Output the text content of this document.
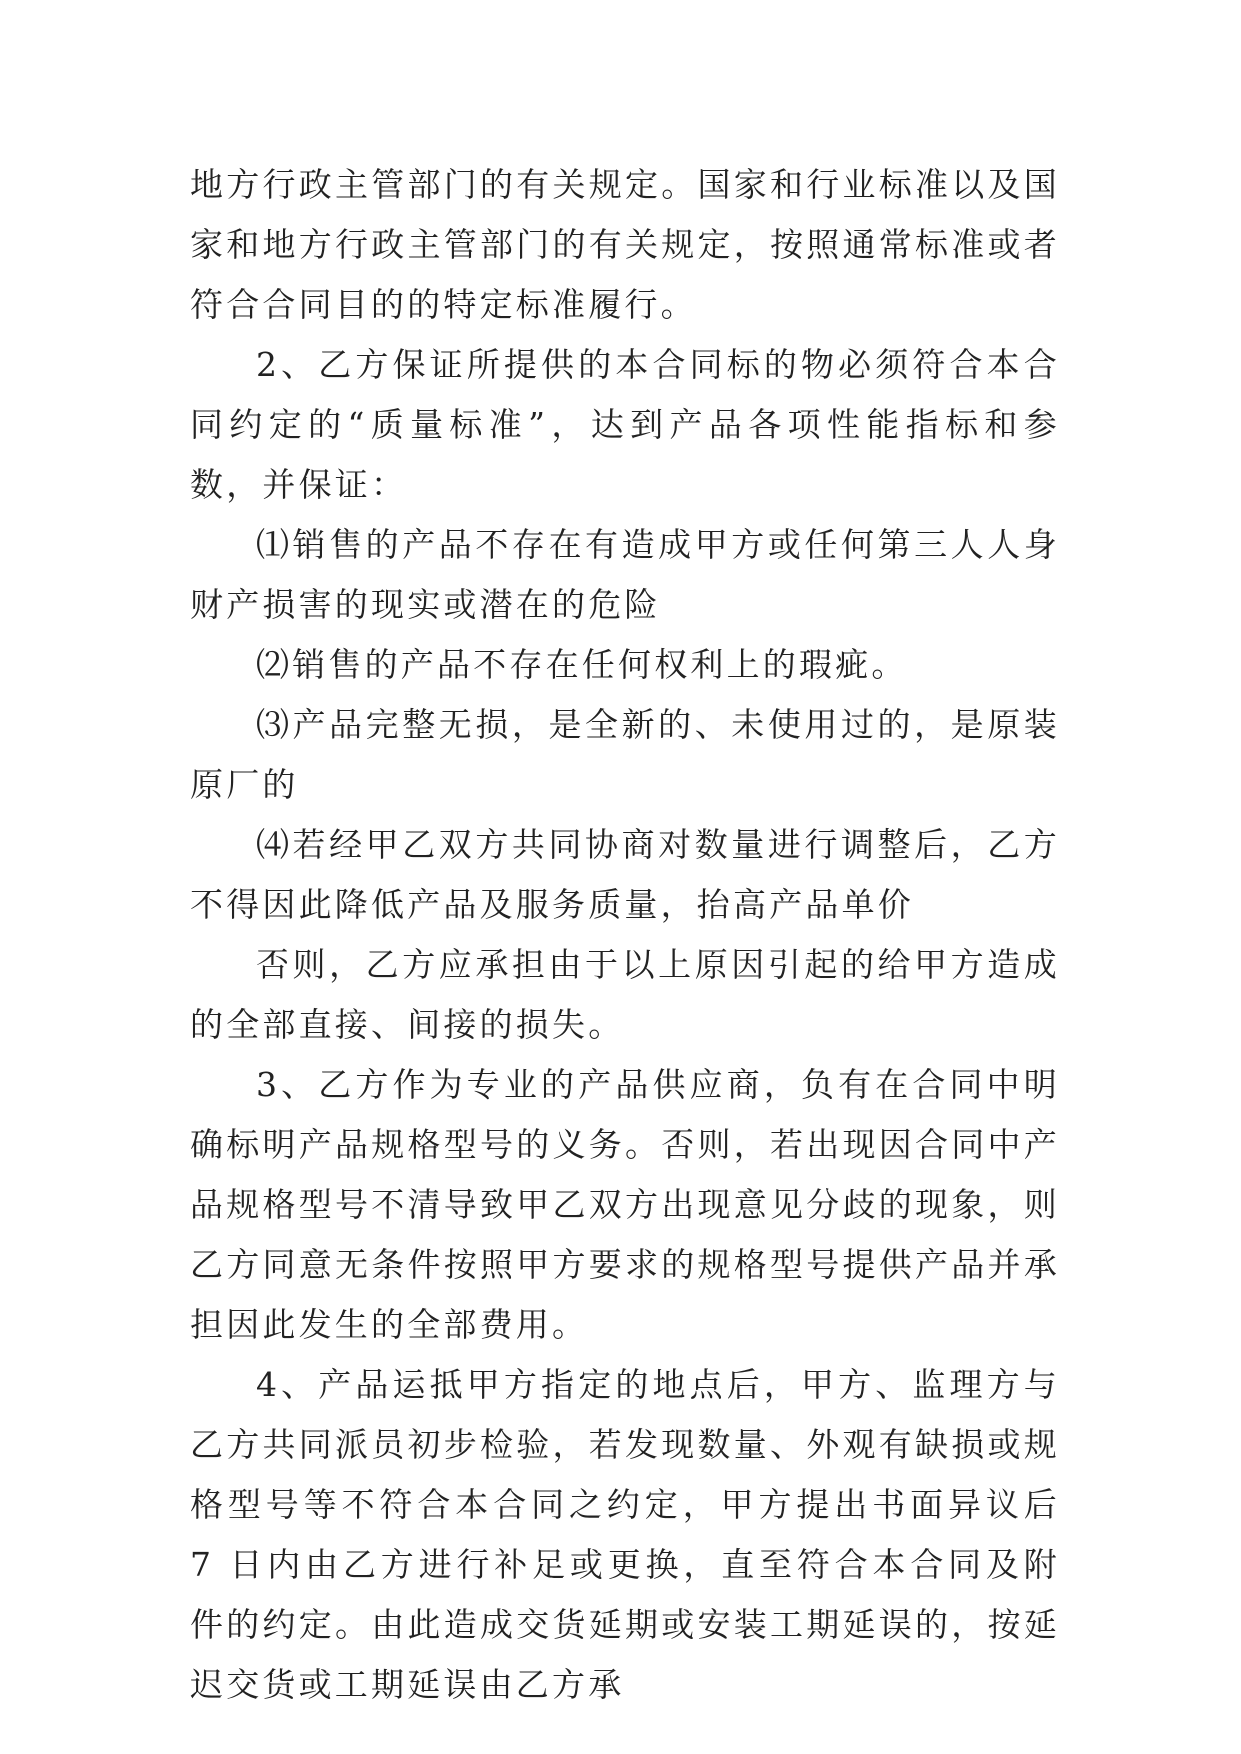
地方行政主管部门的有关规定。国家和行业标准以及国家和地方行政主管部门的有关规定，按照通常标准或者符合合同目的的特定标准履行。

2、乙方保证所提供的本合同标的物必须符合本合同约定的“质量标准”，达到产品各项性能指标和参数，并保证：

⑴销售的产品不存在有造成甲方或任何第三人人身财产损害的现实或潜在的危险

⑵销售的产品不存在任何权利上的瑕疵。

⑶产品完整无损，是全新的、未使用过的，是原装原厂的

⑷若经甲乙双方共同协商对数量进行调整后，乙方不得因此降低产品及服务质量，抬高产品单价

否则，乙方应承担由于以上原因引起的给甲方造成的全部直接、间接的损失。

3、乙方作为专业的产品供应商，负有在合同中明确标明产品规格型号的义务。否则，若出现因合同中产品规格型号不清导致甲乙双方出现意见分歧的现象，则乙方同意无条件按照甲方要求的规格型号提供产品并承担因此发生的全部费用。

4、产品运抵甲方指定的地点后，甲方、监理方与乙方共同派员初步检验，若发现数量、外观有缺损或规格型号等不符合本合同之约定，甲方提出书面异议后 7 日内由乙方进行补足或更换，直至符合本合同及附件的约定。由此造成交货延期或安装工期延误的，按延迟交货或工期延误由乙方承
